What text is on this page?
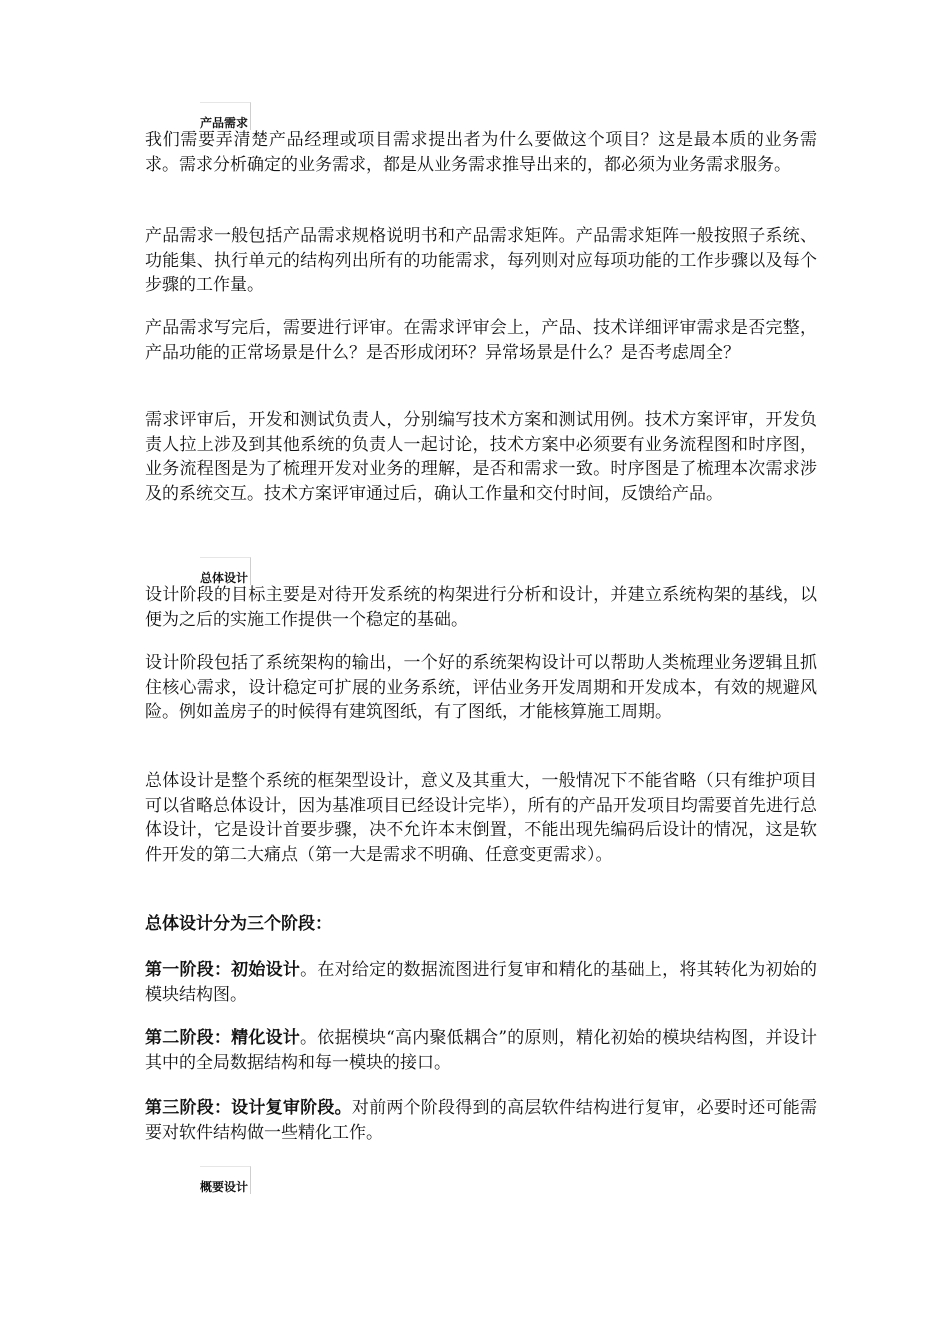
产品需求

我们需要弄清楚产品经理或项目需求提出者为什么要做这个项目？这是最本质的业务需求。需求分析确定的业务需求，都是从业务需求推导出来的，都必须为业务需求服务。

产品需求一般包括产品需求规格说明书和产品需求矩阵。产品需求矩阵一般按照子系统、功能集、执行单元的结构列出所有的功能需求，每列则对应每项功能的工作步骤以及每个步骤的工作量。

产品需求写完后，需要进行评审。在需求评审会上，产品、技术详细评审需求是否完整，产品功能的正常场景是什么？是否形成闭环？异常场景是什么？是否考虑周全？

需求评审后，开发和测试负责人，分别编写技术方案和测试用例。技术方案评审，开发负责人拉上涉及到其他系统的负责人一起讨论，技术方案中必须要有业务流程图和时序图，业务流程图是为了梳理开发对业务的理解，是否和需求一致。时序图是了梳理本次需求涉及的系统交互。技术方案评审通过后，确认工作量和交付时间，反馈给产品。

总体设计

设计阶段的目标主要是对待开发系统的构架进行分析和设计，并建立系统构架的基线，以便为之后的实施工作提供一个稳定的基础。

设计阶段包括了系统架构的输出，一个好的系统架构设计可以帮助人类梳理业务逻辑且抓住核心需求，设计稳定可扩展的业务系统，评估业务开发周期和开发成本，有效的规避风险。例如盖房子的时候得有建筑图纸，有了图纸，才能核算施工周期。

总体设计是整个系统的框架型设计，意义及其重大，一般情况下不能省略（只有维护项目可以省略总体设计，因为基准项目已经设计完毕），所有的产品开发项目均需要首先进行总体设计，它是设计首要步骤，决不允许本末倒置，不能出现先编码后设计的情况，这是软件开发的第二大痛点（第一大是需求不明确、任意变更需求）。

总体设计分为三个阶段：

第一阶段：初始设计。在对给定的数据流图进行复审和精化的基础上，将其转化为初始的模块结构图。

第二阶段：精化设计。依据模块“高内聚低耦合”的原则，精化初始的模块结构图，并设计其中的全局数据结构和每一模块的接口。

第三阶段：设计复审阶段。对前两个阶段得到的高层软件结构进行复审，必要时还可能需要对软件结构做一些精化工作。

概要设计
